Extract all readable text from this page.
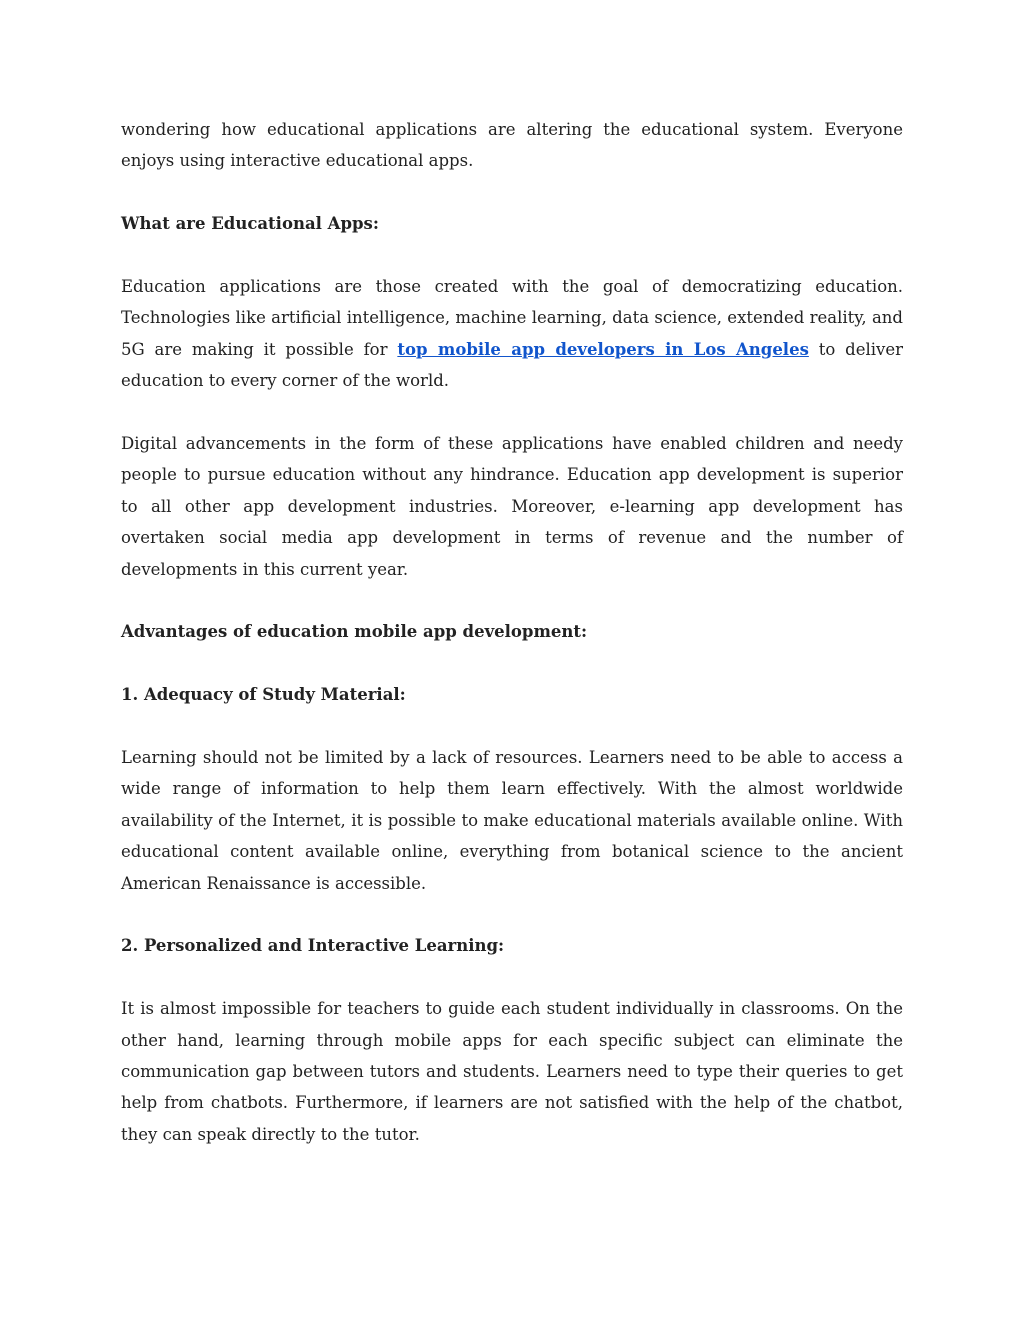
wondering how educational applications are altering the educational system. Everyone enjoys using interactive educational apps.

What are Educational Apps:

Education applications are those created with the goal of democratizing education. Technologies like artificial intelligence, machine learning, data science, extended reality, and 5G are making it possible for top mobile app developers in Los Angeles to deliver education to every corner of the world.

Digital advancements in the form of these applications have enabled children and needy people to pursue education without any hindrance. Education app development is superior to all other app development industries. Moreover, e-learning app development has overtaken social media app development in terms of revenue and the number of developments in this current year.

Advantages of education mobile app development:
1. Adequacy of Study Material:

Learning should not be limited by a lack of resources. Learners need to be able to access a wide range of information to help them learn effectively. With the almost worldwide availability of the Internet, it is possible to make educational materials available online. With educational content available online, everything from botanical science to the ancient American Renaissance is accessible.

2. Personalized and Interactive Learning:

It is almost impossible for teachers to guide each student individually in classrooms. On the other hand, learning through mobile apps for each specific subject can eliminate the communication gap between tutors and students. Learners need to type their queries to get help from chatbots. Furthermore, if learners are not satisfied with the help of the chatbot, they can speak directly to the tutor.
